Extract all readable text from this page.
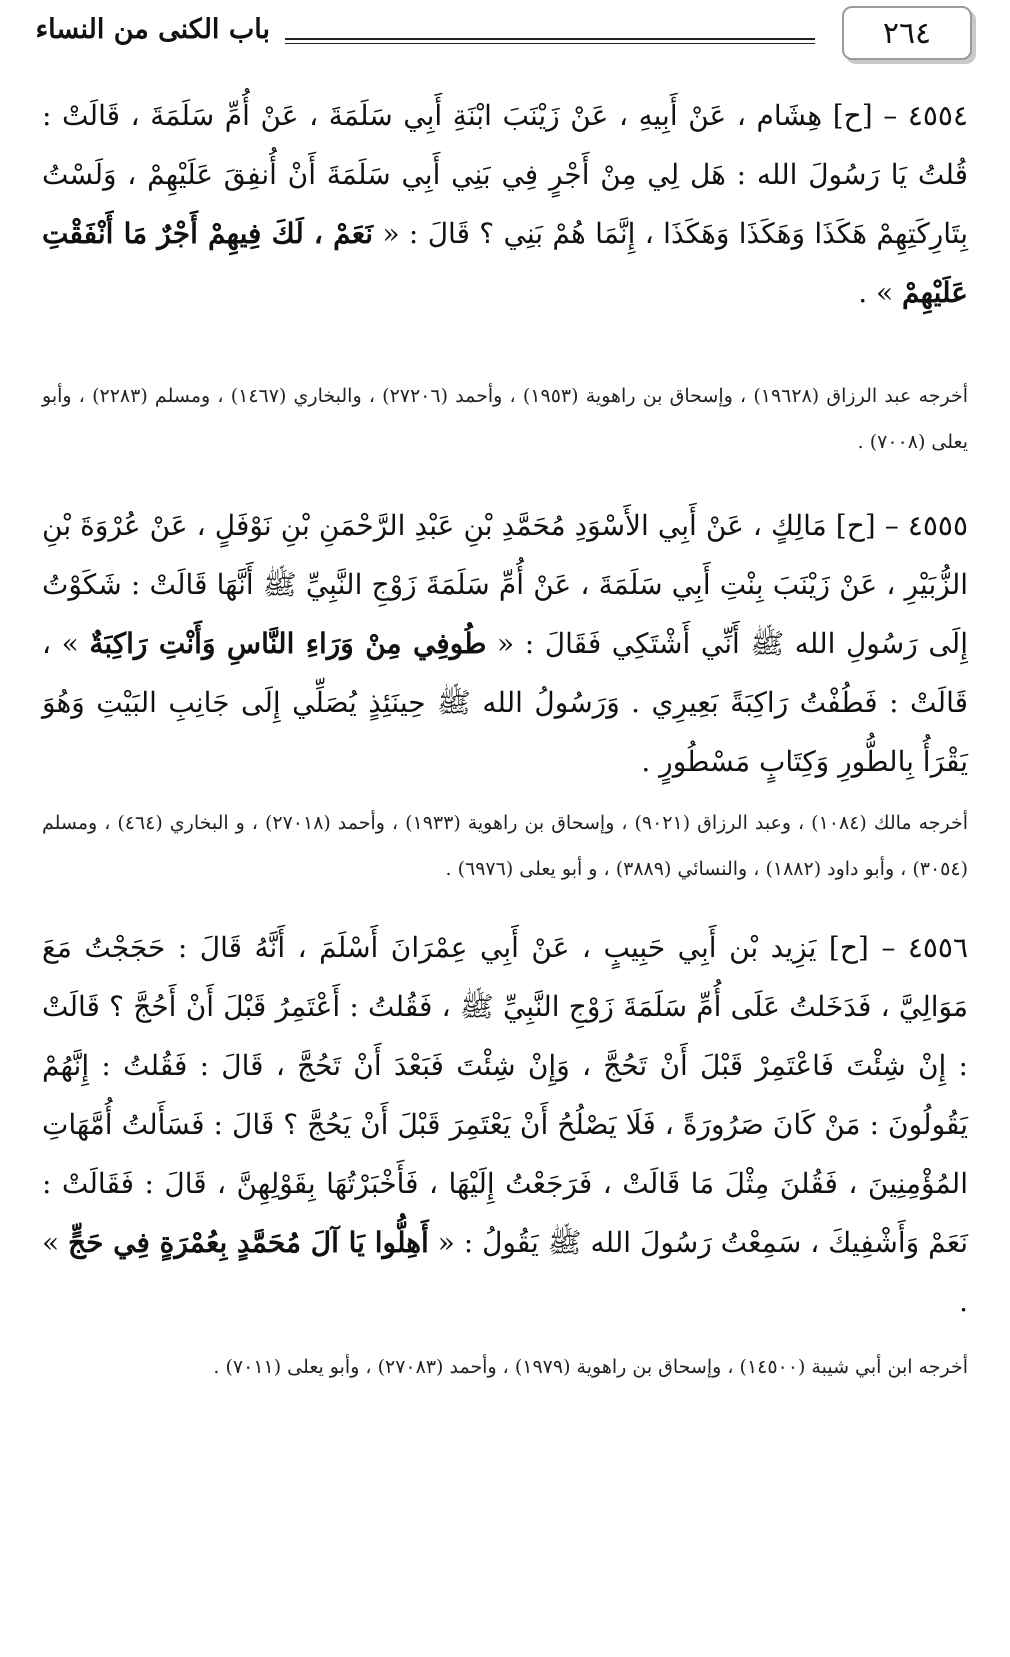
٢٦٤
باب الكنى من النساء
٤٥٥٤ – [ح] هِشَام ، عَنْ أَبِيهِ ، عَنْ زَيْنَبَ ابْنَةِ أَبِي سَلَمَةَ ، عَنْ أُمِّ سَلَمَةَ ، قَالَتْ : قُلتُ يَا رَسُولَ الله : هَل لِي مِنْ أَجْرٍ فِي بَنِي أَبِي سَلَمَةَ أَنْ أُنفِقَ عَلَيْهِمْ ، وَلَسْتُ بِتَارِكَتِهِمْ هَكَذَا وَهَكَذَا وَهَكَذَا ، إِنَّمَا هُمْ بَنِي ؟ قَالَ : « نَعَمْ ، لَكَ فِيهِمْ أَجْرٌ مَا أَنْفَقْتِ عَلَيْهِمْ » .
أخرجه عبد الرزاق (١٩٦٢٨) ، وإسحاق بن راهوية (١٩٥٣) ، وأحمد (٢٧٢٠٦) ، والبخاري (١٤٦٧) ، ومسلم (٢٢٨٣) ، وأبو يعلى (٧٠٠٨) .
٤٥٥٥ – [ح] مَالِكٍ ، عَنْ أَبِي الأَسْوَدِ مُحَمَّدِ بْنِ عَبْدِ الرَّحْمَنِ بْنِ نَوْفَلٍ ، عَنْ عُرْوَةَ بْنِ الزُّبَيْرِ ، عَنْ زَيْنَبَ بِنْتِ أَبِي سَلَمَةَ ، عَنْ أُمِّ سَلَمَةَ زَوْجِ النَّبِيِّ ﷺ أَنَّهَا قَالَتْ : شَكَوْتُ إِلَى رَسُولِ الله ﷺ أَنِّي أَشْتَكِي فَقَالَ : « طُوفِي مِنْ وَرَاءِ النَّاسِ وَأَنْتِ رَاكِبَةٌ » ، قَالَتْ : فَطُفْتُ رَاكِبَةً بَعِيرِي . وَرَسُولُ الله ﷺ حِينَئِذٍ يُصَلِّي إِلَى جَانِبِ البَيْتِ وَهُوَ يَقْرَأُ بِالطُّورِ وَكِتَابٍ مَسْطُورٍ .
أخرجه مالك (١٠٨٤) ، وعبد الرزاق (٩٠٢١) ، وإسحاق بن راهوية (١٩٣٣) ، وأحمد (٢٧٠١٨) ، و البخاري (٤٦٤) ، ومسلم (٣٠٥٤) ، وأبو داود (١٨٨٢) ، والنسائي (٣٨٨٩) ، و أبو يعلى (٦٩٧٦) .
٤٥٥٦ – [ح] يَزِيد بْن أَبِي حَبِيبٍ ، عَنْ أَبِي عِمْرَانَ أَسْلَمَ ، أَنَّهُ قَالَ : حَجَجْتُ مَعَ مَوَالِيَّ ، فَدَخَلتُ عَلَى أُمِّ سَلَمَةَ زَوْجِ النَّبِيِّ ﷺ ، فَقُلتُ : أَعْتَمِرُ قَبْلَ أَنْ أَحُجَّ ؟ قَالَتْ : إِنْ شِئْتَ فَاعْتَمِرْ قَبْلَ أَنْ تَحُجَّ ، وَإِنْ شِئْتَ فَبَعْدَ أَنْ تَحُجَّ ، قَالَ : فَقُلتُ : إِنَّهُمْ يَقُولُونَ : مَنْ كَانَ صَرُورَةً ، فَلَا يَصْلُحُ أَنْ يَعْتَمِرَ قَبْلَ أَنْ يَحُجَّ ؟ قَالَ : فَسَأَلتُ أُمَّهَاتِ المُؤْمِنِينَ ، فَقُلنَ مِثْلَ مَا قَالَتْ ، فَرَجَعْتُ إِلَيْهَا ، فَأَخْبَرْتُهَا بِقَوْلِهِنَّ ، قَالَ : فَقَالَتْ : نَعَمْ وَأَشْفِيكَ ، سَمِعْتُ رَسُولَ الله ﷺ يَقُولُ : « أَهِلُّوا يَا آلَ مُحَمَّدٍ بِعُمْرَةٍ فِي حَجٍّ » .
أخرجه ابن أبي شيبة (١٤٥٠٠) ، وإسحاق بن راهوية (١٩٧٩) ، وأحمد (٢٧٠٨٣) ، وأبو يعلى (٧٠١١) .
